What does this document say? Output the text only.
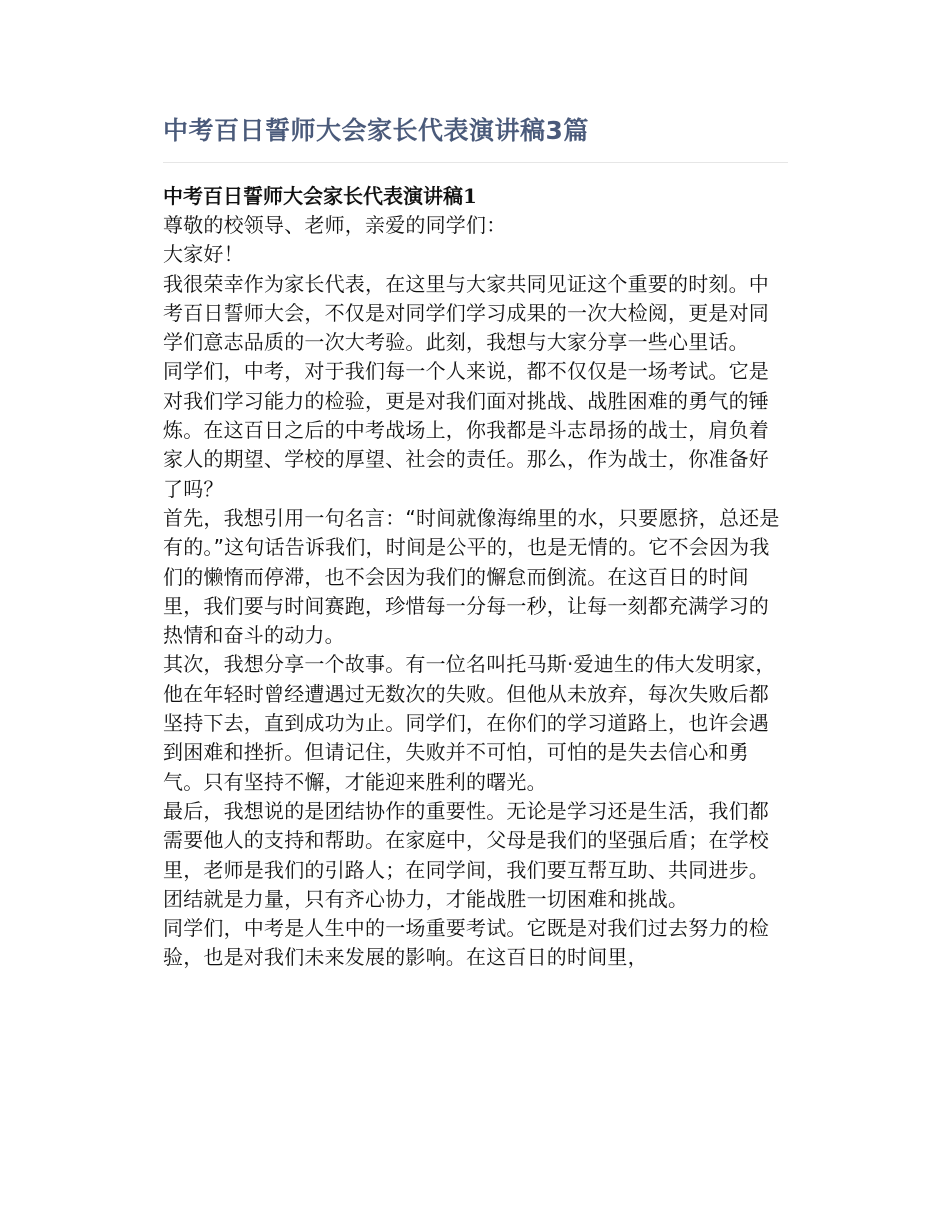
中考百日誓师大会家长代表演讲稿3篇
中考百日誓师大会家长代表演讲稿1

尊敬的校领导、老师，亲爱的同学们：

大家好！

我很荣幸作为家长代表，在这里与大家共同见证这个重要的时刻。中考百日誓师大会，不仅是对同学们学习成果的一次大检阅，更是对同学们意志品质的一次大考验。此刻，我想与大家分享一些心里话。

同学们，中考，对于我们每一个人来说，都不仅仅是一场考试。它是对我们学习能力的检验，更是对我们面对挑战、战胜困难的勇气的锤炼。在这百日之后的中考战场上，你我都是斗志昂扬的战士，肩负着家人的期望、学校的厚望、社会的责任。那么，作为战士，你准备好了吗？

首先，我想引用一句名言：“时间就像海绵里的水，只要愿挤，总还是有的。”这句话告诉我们，时间是公平的，也是无情的。它不会因为我们的懒惰而停滞，也不会因为我们的懈怠而倒流。在这百日的时间里，我们要与时间赛跑，珍惜每一分每一秒，让每一刻都充满学习的热情和奋斗的动力。

其次，我想分享一个故事。有一位名叫托马斯·爱迪生的伟大发明家，他在年轻时曾经遭遇过无数次的失败。但他从未放弃，每次失败后都坚持下去，直到成功为止。同学们，在你们的学习道路上，也许会遇到困难和挫折。但请记住，失败并不可怕，可怕的是失去信心和勇气。只有坚持不懈，才能迎来胜利的曙光。

最后，我想说的是团结协作的重要性。无论是学习还是生活，我们都需要他人的支持和帮助。在家庭中，父母是我们的坚强后盾；在学校里，老师是我们的引路人；在同学间，我们要互帮互助、共同进步。团结就是力量，只有齐心协力，才能战胜一切困难和挑战。

同学们，中考是人生中的一场重要考试。它既是对我们过去努力的检验，也是对我们未来发展的影响。在这百日的时间里，
